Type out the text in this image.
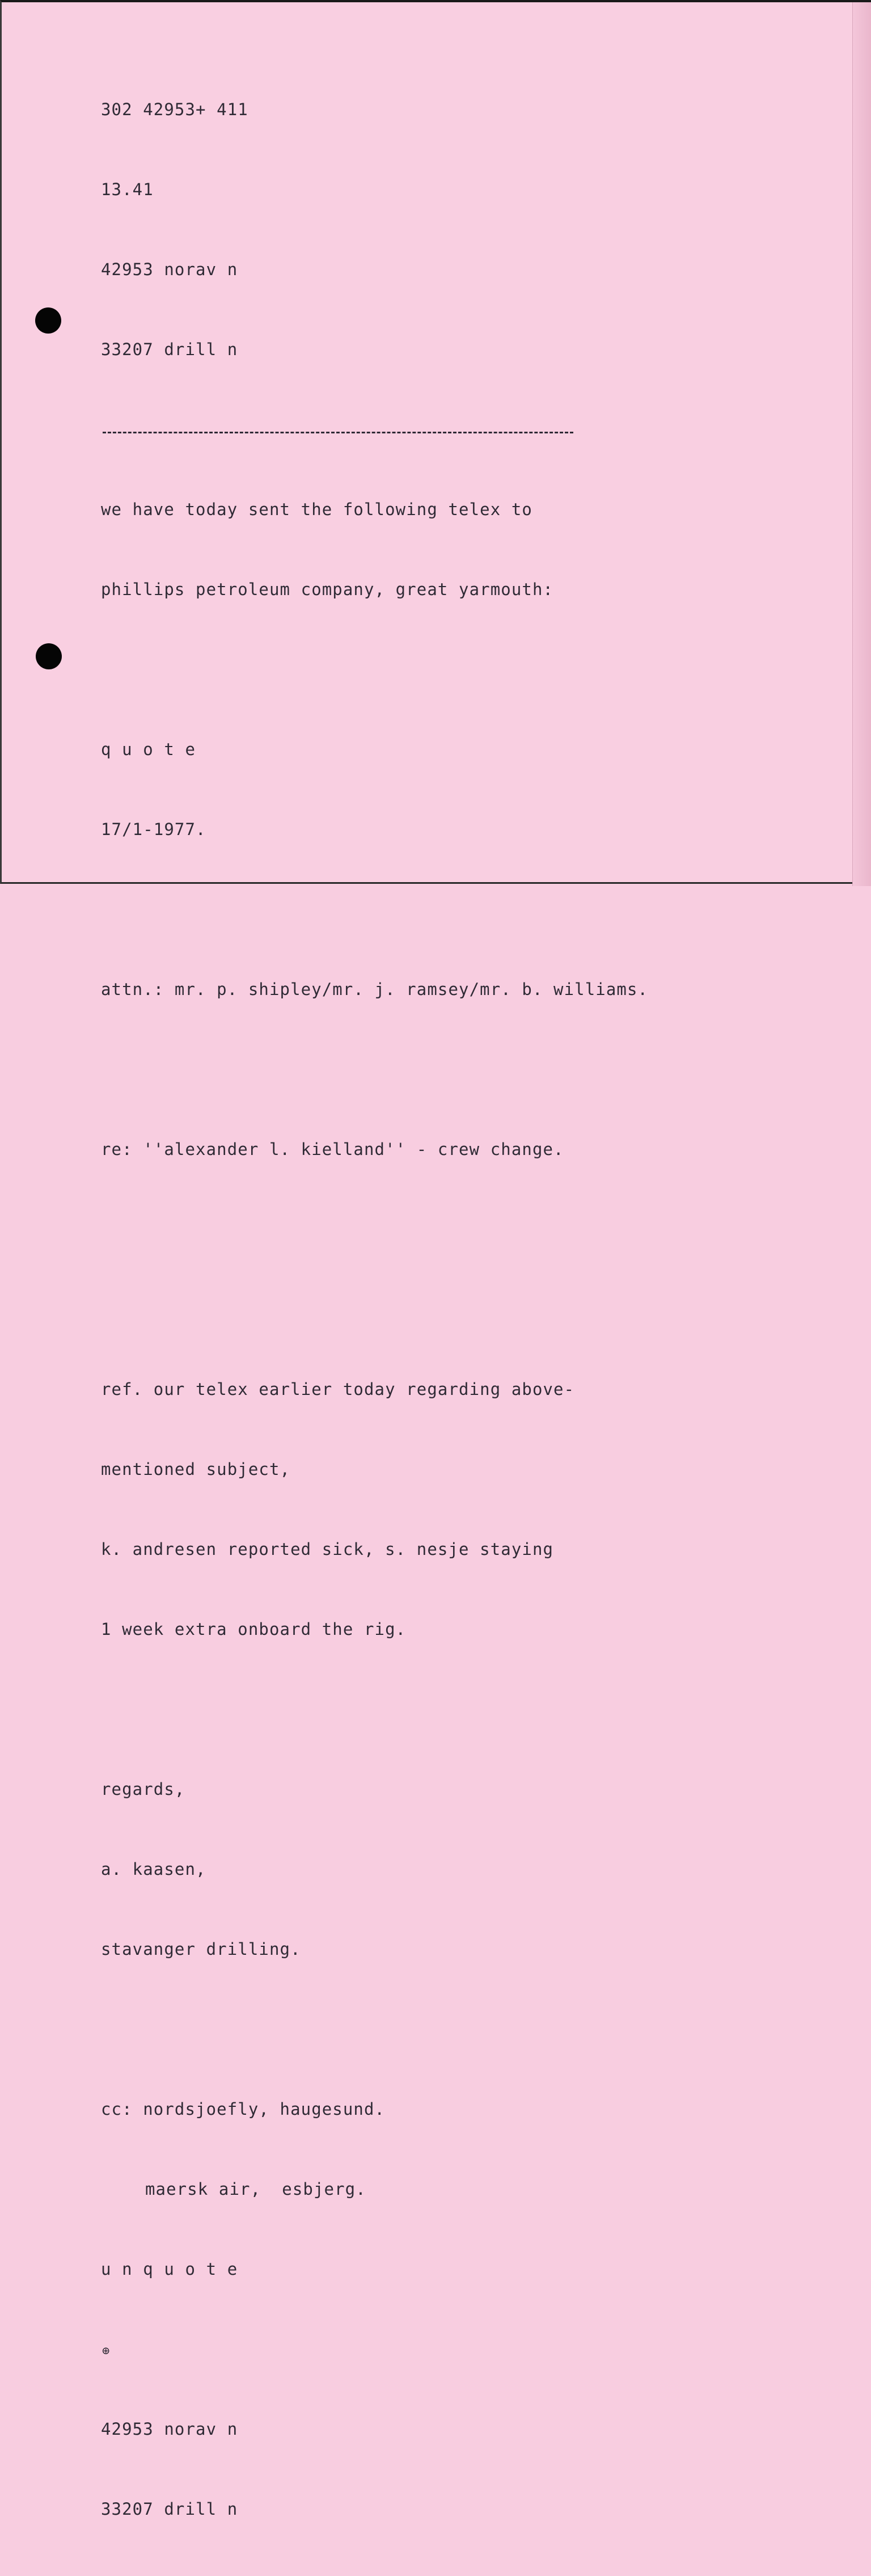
302 42953+ 411

13.41

42953 norav n

33207 drill n

we have today sent the following telex to

phillips petroleum company, great yarmouth:

q u o t e

17/1-1977.

attn.: mr. p. shipley/mr. j. ramsey/mr. b. williams.

re: ''alexander l. kielland'' - crew change.

ref. our telex earlier today regarding above-

mentioned subject,

k. andresen reported sick, s. nesje staying

1 week extra onboard the rig.

regards,

a. kaasen,

stavanger drilling.

cc: nordsjoefly, haugesund.

maersk air,  esbjerg.

u n q u o t e

⊕

42953 norav n

33207 drill n
